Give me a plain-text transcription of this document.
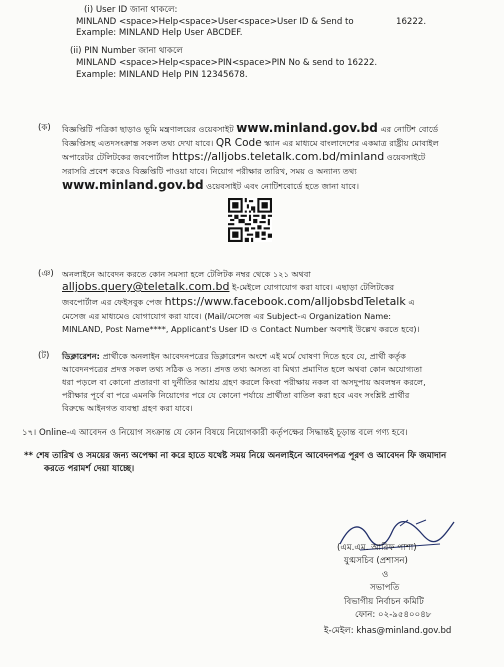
(i) User ID জানা থাকলে:
MINLAND <space>Help<space>User<space>User ID & Send to	16222.
Example: MINLAND Help User ABCDEF.
(ii) PIN Number জানা থাকলে
MINLAND <space>Help<space>PIN<space>PIN No & send to 16222.
Example: MINLAND Help PIN 12345678.
(ক) বিজ্ঞপ্তিটি পত্রিকা ছাড়াও ভূমি মন্ত্রণালয়ের ওয়েবসাইট www.minland.gov.bd এর নোটিশ বোর্ডে
বিজ্ঞপ্তিসহ এতদসংক্রান্ত সকল তথ্য দেখা যাবে। QR Code স্ক্যান এর মাধ্যমে বাংলাদেশের একমাত্র রাষ্ট্রীয় মোবাইল
অপারেটর টেলিটকের জবপোর্টাল https://alljobs.teletalk.com.bd/minland ওয়েবসাইটে
সরাসরি প্রবেশ করেও বিজ্ঞপ্তিটি পাওয়া যাবে। নিয়োগ পরীক্ষার তারিখ, সময় ও অন্যান্য তথ্য
www.minland.gov.bd ওয়েবসাইট এবং নোটিশবোর্ডে হতে জানা যাবে।
(ঞ) অনলাইনে আবেদন করতে কোন সমস্যা হলে টেলিটক নম্বর থেকে ১২১ অথবা
alljobs.query@teletalk.com.bd ই-মেইলে যোগাযোগ করা যাবে। এছাড়া টেলিটকের
জবপোর্টাল এর ফেইসবুক পেজ https://www.facebook.com/alljobsbdTeletalk এ
মেসেজ এর মাধ্যমেও যোগাযোগ করা যাবে। (Mail/মেসেজ এর Subject-এ Organization Name:
MINLAND, Post Name****, Applicant's User ID ও Contact Number অবশ্যই উল্লেখ করতে হবে)।
(ট) ডিক্লারেশন: প্রার্থীকে অনলাইন আবেদনপত্রের ডিক্লারেশন অংশে এই মর্মে ঘোষণা দিতে হবে যে, প্রার্থী কর্তৃক
আবেদনপত্রের প্রদত্ত সকল তথ্য সঠিক ও সত্য। প্রদত্ত তথ্য অসত্য বা মিথ্যা প্রমাণিত হলে অথবা কোন অযোগ্যতা
ধরা পড়লে বা কোনো প্রতারণা বা দুর্নীতির আশ্রয় গ্রহণ করলে কিংবা পরীক্ষায় নকল বা অসদুপায় অবলম্বন করলে,
পরীক্ষার পূর্বে বা পরে এমনকি নিয়োগের পরে যে কোনো পর্যায়ে প্রার্থীতা বাতিল করা হবে এবং সংশ্লিষ্ট প্রার্থীর
বিরুদ্ধে আইনগত ব্যবস্থা গ্রহণ করা যাবে।
১৭। Online-এ আবেদন ও নিয়োগ সংক্রান্ত যে কোন বিষয়ে নিয়োগকারী কর্তৃপক্ষের সিদ্ধান্তই চূড়ান্ত বলে গণ্য হবে।
** শেষ তারিখ ও সময়ের জন্য অপেক্ষা না করে হাতে যথেষ্ট সময় নিয়ে অনলাইনে আবেদনপত্র পূরণ ও আবেদন ফি জমাদান
করতে পরামর্শ দেয়া যাচ্ছে।
(এম.এম. আরিফ পাশা)
যুগ্মসচিব (প্রশাসন)
ও
সভাপতি
বিভাগীয় নির্বাচন কমিটি
ফোন: ০২-৯৫৪০০৪৮
ই-মেইল: khas@minland.gov.bd
